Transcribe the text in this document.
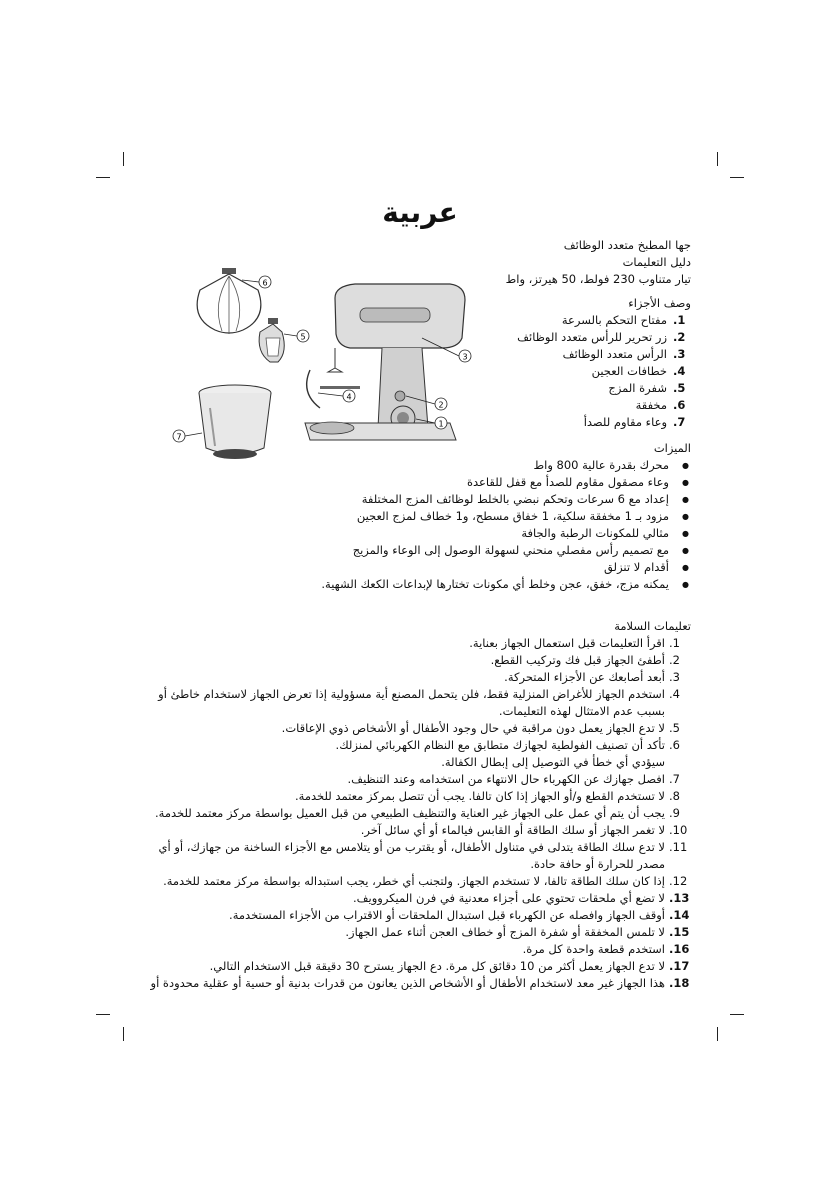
عربية
جها المطبخ متعدد الوظائف
دليل التعليمات
تيار متناوب 230 فولط، 50 هيرتز، واط
6
5
7
3
2
1
4
وصف الأجزاء
1.
مفتاح التحكم بالسرعة
2.
زر تحرير للرأس متعدد الوظائف
3.
الرأس متعدد الوظائف
4.
خطافات العجين
5.
شفرة المزج
6.
مخفقة
7.
وعاء مقاوم للصدأ
الميزات
● محرك بقدرة عالية 800 واط
● وعاء مصقول مقاوم للصدأ مع قفل للقاعدة
● إعداد مع 6 سرعات وتحكم نبضي بالخلط لوظائف المزج المختلفة
● مزود بـ 1 مخفقة سلكية، 1 خفاق مسطح، و1 خطاف لمزج العجين
● مثالي للمكونات الرطبة والجافة
● مع تصميم رأس مفصلي منحني لسهولة الوصول إلى الوعاء والمزيج
● أقدام لا تنزلق
● يمكنه مزج، خفق، عجن وخلط أي مكونات تختارها لإبداعات الكعك الشهية.
تعليمات السلامة
1.
اقرأ التعليمات قبل استعمال الجهاز بعناية.
2.
أطفئ الجهاز قبل فك وتركيب القطع.
3.
أبعد أصابعك عن الأجزاء المتحركة.
4.
استخدم الجهاز للأغراض المنزلية فقط، فلن يتحمل المصنع أية مسؤولية إذا تعرض الجهاز لاستخدام خاطئ أو بسبب عدم الامتثال لهذه التعليمات.
5.
لا تدع الجهاز يعمل دون مراقبة في حال وجود الأطفال أو الأشخاص ذوي الإعاقات.
6.
تأكد أن تصنيف الفولطية لجهازك متطابق مع النظام الكهربائي لمنزلك.
سيؤدي أي خطأ في التوصيل إلى إبطال الكفالة.
7.
افصل جهازك عن الكهرباء حال الانتهاء من استخدامه وعند التنظيف.
8.
لا تستخدم القطع و/أو الجهاز إذا كان تالفا. يجب أن تتصل بمركز معتمد للخدمة.
9.
يجب أن يتم أي عمل على الجهاز غير العناية والتنظيف الطبيعي من قبل العميل بواسطة مركز معتمد للخدمة.
10.
لا تغمر الجهاز أو سلك الطاقة أو القابس فيالماء أو أي سائل آخر.
11.
لا تدع سلك الطاقة يتدلى في متناول الأطفال، أو يقترب من أو يتلامس مع الأجزاء الساخنة من جهازك، أو أي مصدر للحرارة أو حافة حادة.
12.
إذا كان سلك الطاقة تالفا، لا تستخدم الجهاز. ولتجنب أي خطر، يجب استبداله بواسطة مركز معتمد للخدمة.
13.
لا تضع أي ملحقات تحتوي على أجزاء معدنية في فرن الميكروويف.
14.
أوقف الجهاز وافصله عن الكهرباء قبل استبدال الملحقات أو الاقتراب من الأجزاء المستخدمة.
15.
لا تلمس المخفقة أو شفرة المزج أو خطاف العجن أثناء عمل الجهاز.
16.
استخدم قطعة واحدة كل مرة.
17.
لا تدع الجهاز يعمل أكثر من 10 دقائق كل مرة. دع الجهاز يسترح 30 دقيقة قبل الاستخدام التالي.
18.
هذا الجهاز غير معد لاستخدام الأطفال أو الأشخاص الذين يعانون من قدرات بدنية أو حسية أو عقلية محدودة أو
